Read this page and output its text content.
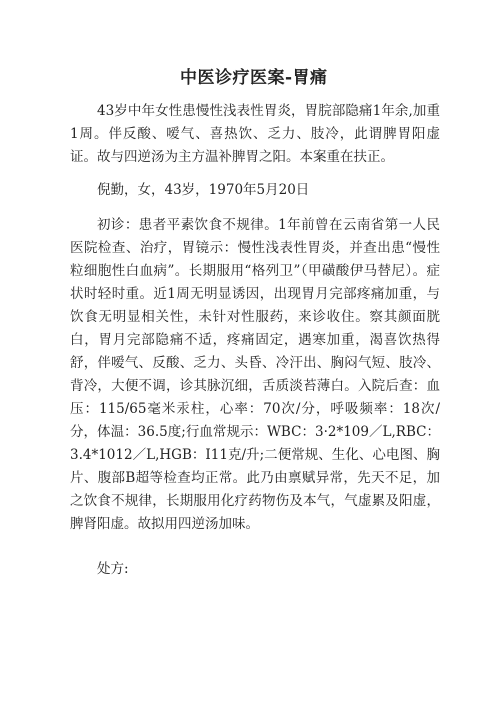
中医诊疗医案-胃痛

43岁中年女性患慢性浅表性胃炎，胃脘部隐痛1年余,加重1周。伴反酸、嗳气、喜热饮、乏力、肢冷，此谓脾胃阳虚证。故与四逆汤为主方温补脾胃之阳。本案重在扶正。

倪勤，女，43岁，1970年5月20日

初诊：患者平素饮食不规律。1年前曾在云南省第一人民医院检查、治疗，胃镜示：慢性浅表性胃炎，并查出患“慢性粒细胞性白血病”。长期服用“格列卫”（甲磺酸伊马替尼）。症状时轻时重。近1周无明显诱因，出现胃月完部疼痛加重，与饮食无明显相关性，未针对性服药，来诊收住。察其颜面胱白，胃月完部隐痛不适，疼痛固定，遇寒加重，渴喜饮热得舒，伴嗳气、反酸、乏力、头昏、冷汗出、胸闷气短、肢冷、背冷，大便不调，诊其脉沉细，舌质淡苔薄白。入院后查：血压：115/65毫米汞柱，心率：70次/分，呼吸频率：18次/分，体温：36.5度;行血常规示：WBC：3·2*109／L,RBC：3.4*1012／L,HGB：I11克/升;二便常规、生化、心电图、胸片、腹部B超等检查均正常。此乃由禀赋异常，先天不足，加之饮食不规律，长期服用化疗药物伤及本气，气虚累及阳虚，脾肾阳虚。故拟用四逆汤加味。

处方:
